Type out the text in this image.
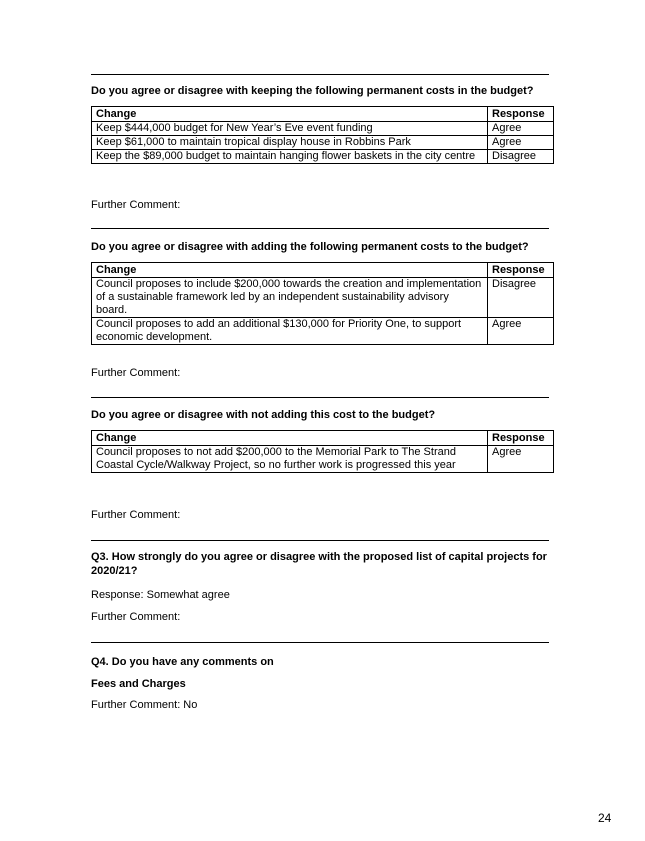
Do you agree or disagree with keeping the following permanent costs in the budget?
Change	Response
Keep $444,000 budget for New Year’s Eve event funding	Agree
Keep $61,000 to maintain tropical display house in Robbins Park	Agree
Keep the $89,000 budget to maintain hanging flower baskets in the city centre	Disagree
Further Comment:
Do you agree or disagree with adding the following permanent costs to the budget?
Change	Response
Council proposes to include $200,000 towards the creation and implementation of a sustainable framework led by an independent sustainability advisory board.	Disagree
Council proposes to add an additional $130,000 for Priority One, to support economic development.	Agree
Further Comment:
Do you agree or disagree with not adding this cost to the budget?
Change	Response
Council proposes to not add $200,000 to the Memorial Park to The Strand Coastal Cycle/Walkway Project, so no further work is progressed this year	Agree
Further Comment:
Q3. How strongly do you agree or disagree with the proposed list of capital projects for 2020/21?
Response: Somewhat agree
Further Comment:
Q4. Do you have any comments on
Fees and Charges
Further Comment: No
24
